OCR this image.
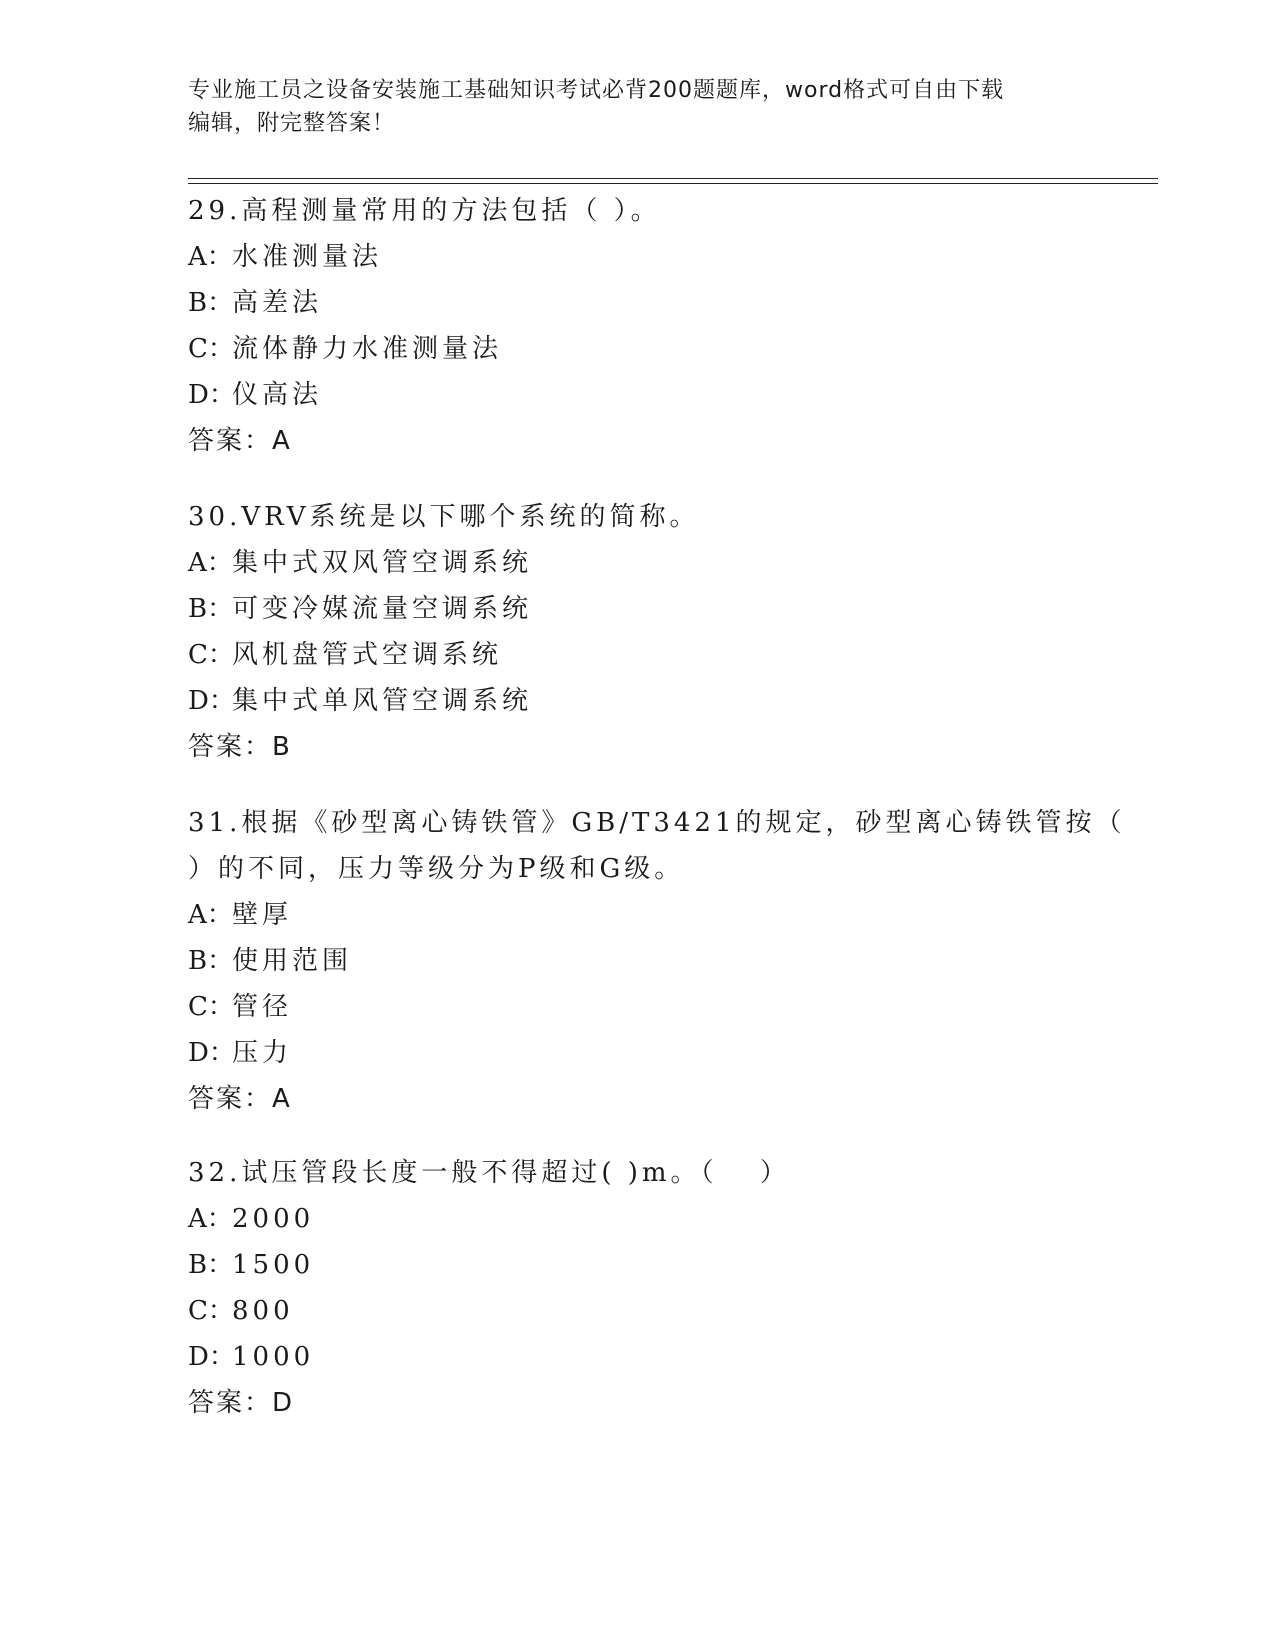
专业施工员之设备安装施工基础知识考试必背200题题库，word格式可自由下载
编辑，附完整答案！
29.高程测量常用的方法包括（ ）。
A：水准测量法
B：高差法
C：流体静力水准测量法
D：仪高法
答案：A
30.VRV系统是以下哪个系统的简称。
A：集中式双风管空调系统
B：可变冷媒流量空调系统
C：风机盘管式空调系统
D：集中式单风管空调系统
答案：B
31.根据《砂型离心铸铁管》GB/T3421的规定，砂型离心铸铁管按（
）的不同，压力等级分为P级和G级。
A：壁厚
B：使用范围
C：管径
D：压力
答案：A
32.试压管段长度一般不得超过( )m。（　 ）
A：2000
B：1500
C：800
D：1000
答案：D
